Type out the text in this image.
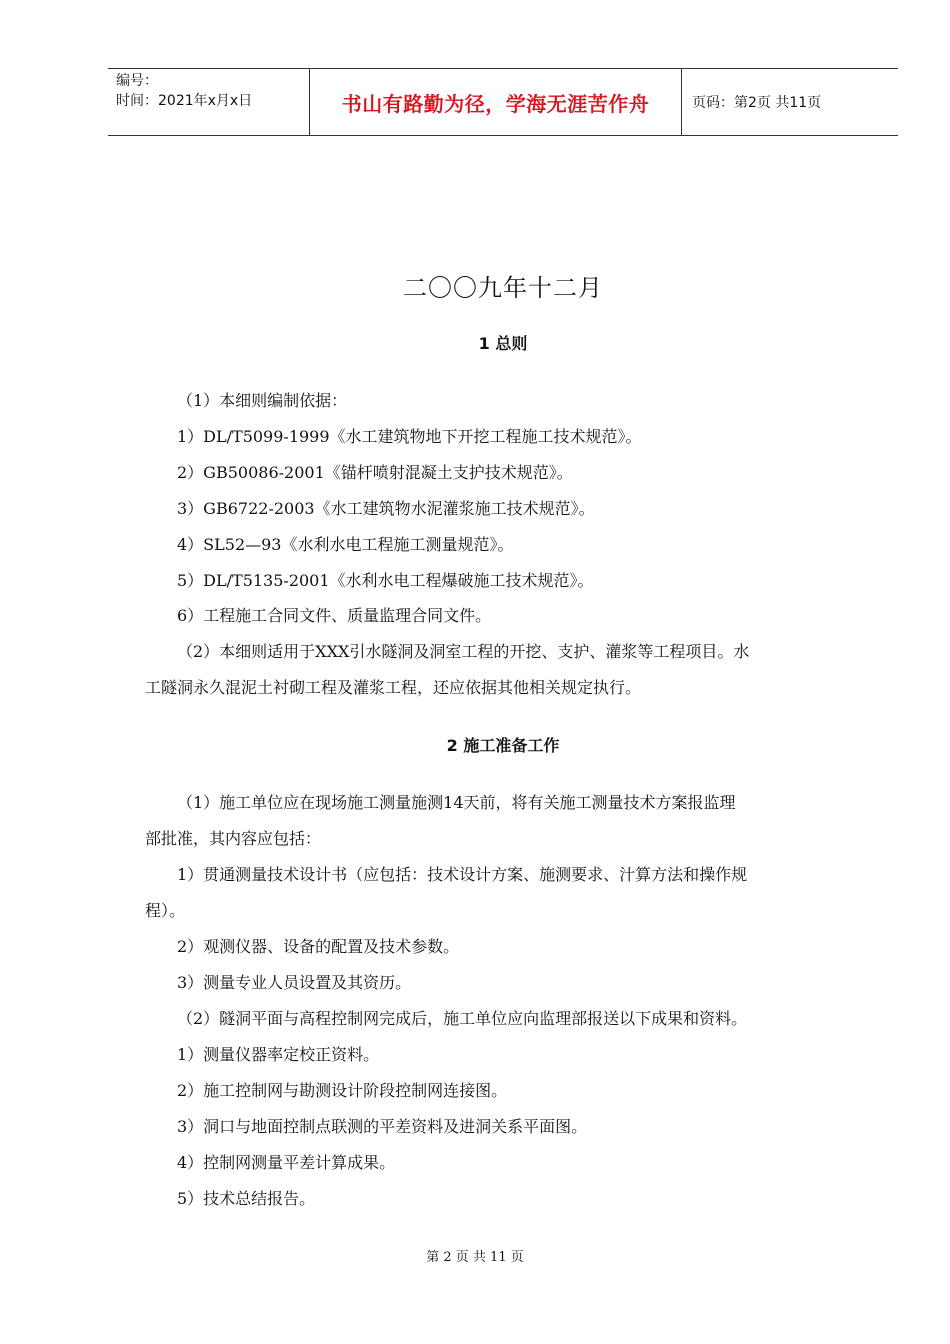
编号：
时间：2021年x月x日	书山有路勤为径，学海无涯苦作舟	页码：第2页 共11页
二〇〇九年十二月
1 总则
（1）本细则编制依据：
1）DL/T5099-1999《水工建筑物地下开挖工程施工技术规范》。
2）GB50086-2001《锚杆喷射混凝土支护技术规范》。
3）GB6722-2003《水工建筑物水泥灌浆施工技术规范》。
4）SL52—93《水利水电工程施工测量规范》。
5）DL/T5135-2001《水利水电工程爆破施工技术规范》。
6）工程施工合同文件、质量监理合同文件。
（2）本细则适用于XXX引水隧洞及洞室工程的开挖、支护、灌浆等工程项目。水
工隧洞永久混泥土衬砌工程及灌浆工程，还应依据其他相关规定执行。
2 施工准备工作
（1）施工单位应在现场施工测量施测14天前，将有关施工测量技术方案报监理
部批准，其内容应包括：
1）贯通测量技术设计书（应包括：技术设计方案、施测要求、汁算方法和操作规
程）。
2）观测仪器、设备的配置及技术参数。
3）测量专业人员设置及其资历。
（2）隧洞平面与高程控制网完成后，施工单位应向监理部报送以下成果和资料。
1）测量仪器率定校正资料。
2）施工控制网与勘测设计阶段控制网连接图。
3）洞口与地面控制点联测的平差资料及进洞关系平面图。
4）控制网测量平差计算成果。
5）技术总结报告。
第 2 页 共 11 页
